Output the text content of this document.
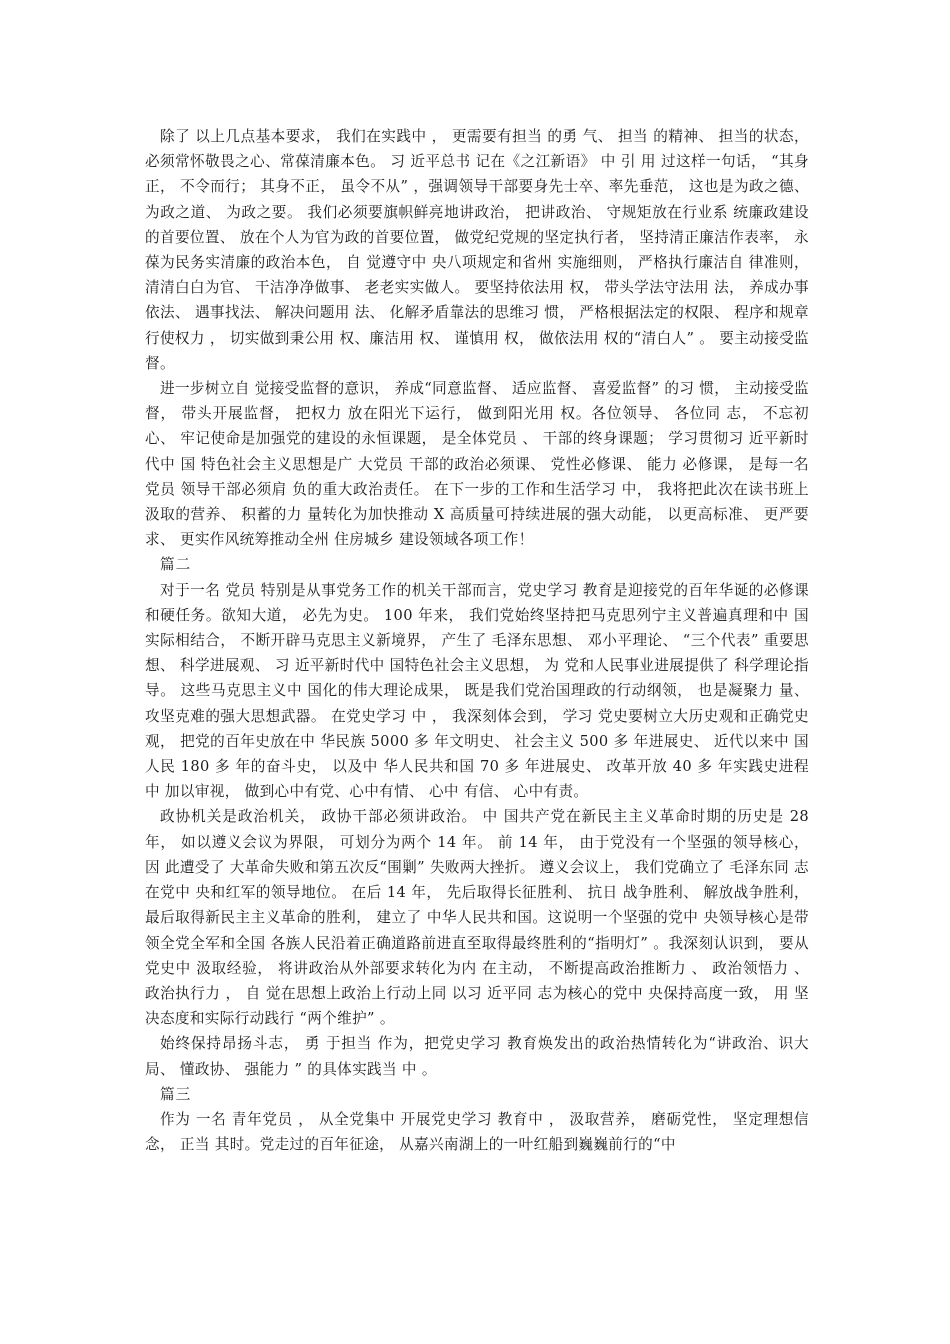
除了 以上几点基本要求， 我们在实践中 ， 更需要有担当 的勇 气、 担当 的精神、 担当的状态， 必须常怀敬畏之心、常葆清廉本色。 习 近平总书 记在《之江新语》 中 引 用 过这样一句话， “其身正， 不令而行； 其身不正， 虽令不从” ，强调领导干部要身先士卒、率先垂范， 这也是为政之德、为政之道、 为政之要。 我们必须要旗帜鲜亮地讲政治， 把讲政治、 守规矩放在行业系 统廉政建设的首要位置、 放在个人为官为政的首要位置， 做党纪党规的坚定执行者， 坚持清正廉洁作表率， 永葆为民务实清廉的政治本色， 自 觉遵守中 央八项规定和省州 实施细则， 严格执行廉洁自 律准则， 清清白白为官、 干洁净净做事、 老老实实做人。 要坚持依法用 权， 带头学法守法用 法， 养成办事依法、 遇事找法、 解决问题用 法、 化解矛盾靠法的思维习 惯， 严格根据法定的权限、 程序和规章行使权力 ， 切实做到秉公用 权、廉洁用 权、 谨慎用 权， 做依法用 权的“清白人” 。 要主动接受监督。

进一步树立自 觉接受监督的意识， 养成“同意监督、 适应监督、 喜爱监督” 的习 惯， 主动接受监督， 带头开展监督， 把权力 放在阳光下运行， 做到阳光用 权。各位领导、 各位同 志， 不忘初心、 牢记使命是加强党的建设的永恒课题， 是全体党员 、 干部的终身课题； 学习贯彻习 近平新时代中 国 特色社会主义思想是广 大党员 干部的政治必须课、 党性必修课、 能力 必修课， 是每一名 党员 领导干部必须肩 负的重大政治责任。 在下一步的工作和生活学习 中， 我将把此次在读书班上汲取的营养、 积蓄的力 量转化为加快推动 X 高质量可持续进展的强大动能， 以更高标准、 更严要求、 更实作风统筹推动全州 住房城乡 建设领域各项工作！

篇二

对于一名 党员 特别是从事党务工作的机关干部而言，党史学习 教育是迎接党的百年华诞的必修课和硬任务。欲知大道， 必先为史。 100 年来， 我们党始终坚持把马克思列宁主义普遍真理和中 国实际相结合， 不断开辟马克思主义新境界， 产生了 毛泽东思想、 邓小平理论、 “三个代表” 重要思想、 科学进展观、 习 近平新时代中 国特色社会主义思想， 为 党和人民事业进展提供了 科学理论指导。 这些马克思主义中 国化的伟大理论成果， 既是我们党治国理政的行动纲领， 也是凝聚力 量、 攻坚克难的强大思想武器。 在党史学习 中 ， 我深刻体会到， 学习 党史要树立大历史观和正确党史观， 把党的百年史放在中 华民族 5000 多 年文明史、 社会主义 500 多 年进展史、 近代以来中 国人民 180 多 年的奋斗史， 以及中 华人民共和国 70 多 年进展史、 改革开放 40 多 年实践史进程中 加以审视， 做到心中有党、心中有情、 心中 有信、 心中有责。

政协机关是政治机关， 政协干部必须讲政治。 中 国共产党在新民主主义革命时期的历史是 28 年， 如以遵义会议为界限， 可划分为两个 14 年。 前 14 年， 由于党没有一个坚强的领导核心， 因 此遭受了 大革命失败和第五次反“围剿” 失败两大挫折。 遵义会议上， 我们党确立了 毛泽东同 志在党中 央和红军的领导地位。 在后 14 年， 先后取得长征胜利、 抗日 战争胜利、 解放战争胜利， 最后取得新民主主义革命的胜利， 建立了 中华人民共和国。这说明一个坚强的党中 央领导核心是带领全党全军和全国 各族人民沿着正确道路前进直至取得最终胜利的“指明灯” 。我深刻认识到， 要从党史中 汲取经验， 将讲政治从外部要求转化为内 在主动， 不断提高政治推断力 、 政治领悟力 、 政治执行力 ， 自 觉在思想上政治上行动上同 以习 近平同 志为核心的党中 央保持高度一致， 用 坚决态度和实际行动践行 “两个维护” 。

始终保持昂扬斗志， 勇 于担当 作为，把党史学习 教育焕发出的政治热情转化为“讲政治、识大局、 懂政协、 强能力 ” 的具体实践当 中 。

篇三

作为 一名 青年党员 ， 从全党集中 开展党史学习 教育中 ， 汲取营养， 磨砺党性， 坚定理想信念， 正当 其时。党走过的百年征途， 从嘉兴南湖上的一叶红船到巍巍前行的“中
